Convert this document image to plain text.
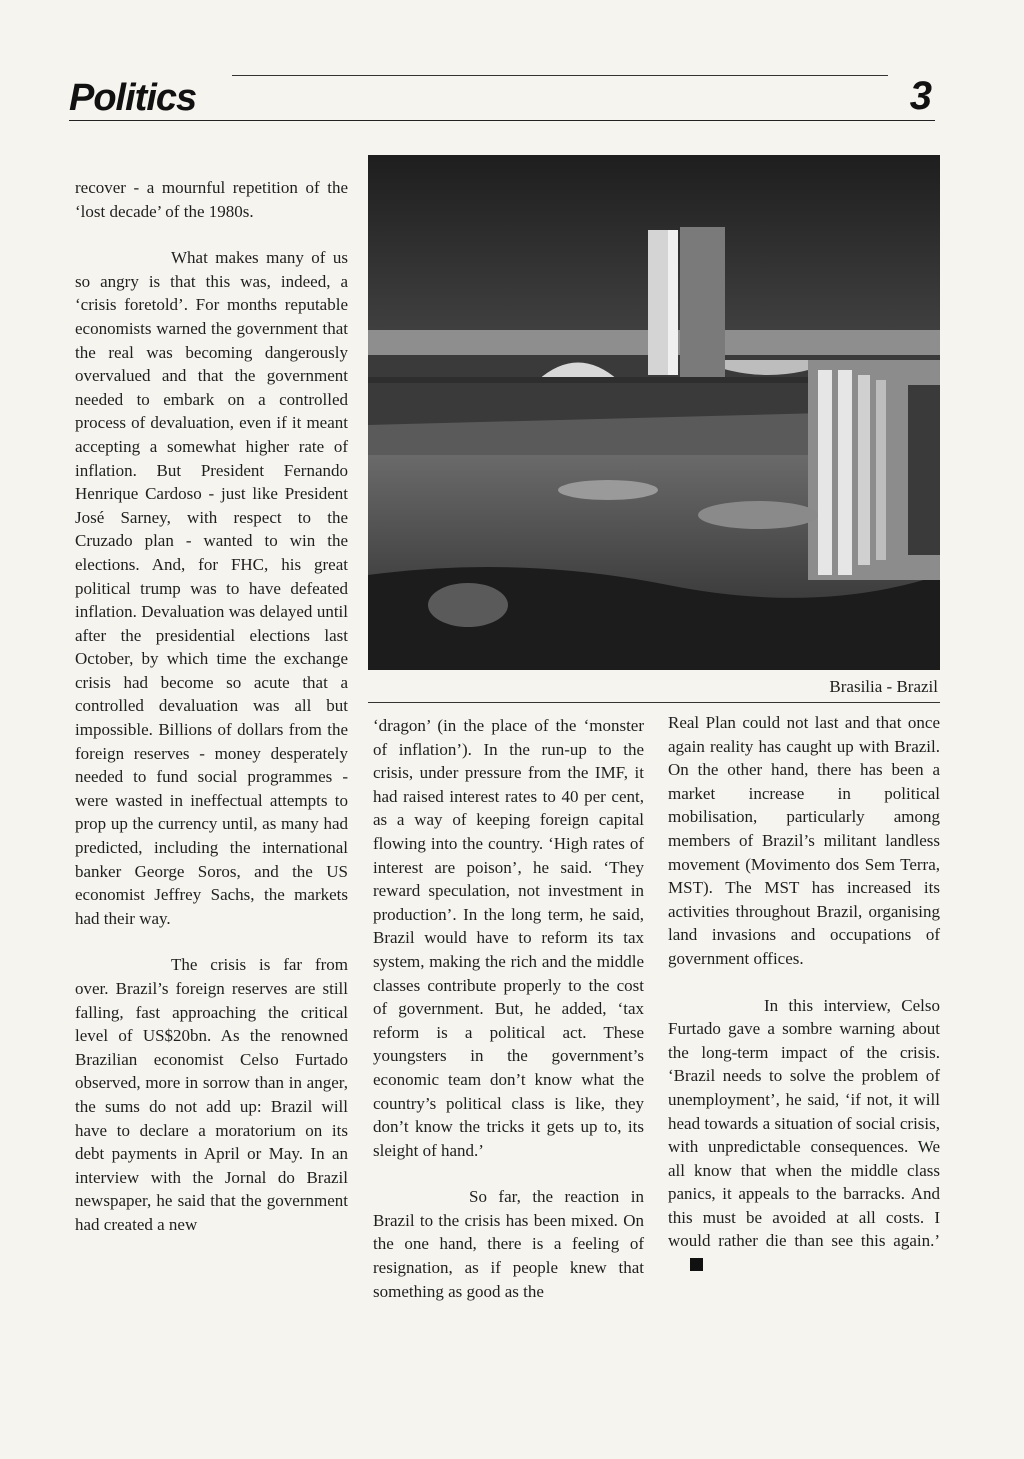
Politics	3

recover - a mournful repetition of the ‘lost decade’ of the 1980s.

What makes many of us so angry is that this was, indeed, a ‘crisis foretold’. For months reputable economists warned the government that the real was becoming dangerously overvalued and that the government needed to embark on a controlled process of devaluation, even if it meant accepting a somewhat higher rate of inflation. But President Fernando Henrique Cardoso - just like President José Sarney, with respect to the Cruzado plan - wanted to win the elections. And, for FHC, his great political trump was to have defeated inflation. Devaluation was delayed until after the presidential elections last October, by which time the exchange crisis had become so acute that a controlled devaluation was all but impossible. Billions of dollars from the foreign reserves - money desperately needed to fund social programmes - were wasted in ineffectual attempts to prop up the currency until, as many had predicted, including the international banker George Soros, and the US economist Jeffrey Sachs, the markets had their way.

The crisis is far from over. Brazil’s foreign reserves are still falling, fast approaching the critical level of US$20bn. As the renowned Brazilian economist Celso Furtado observed, more in sorrow than in anger, the sums do not add up: Brazil will have to declare a moratorium on its debt payments in April or May. In an interview with the Jornal do Brazil newspaper, he said that the government had created a new

Brasilia - Brazil

‘dragon’ (in the place of the ‘monster of inflation’). In the run-up to the crisis, under pressure from the IMF, it had raised interest rates to 40 per cent, as a way of keeping foreign capital flowing into the country. ‘High rates of interest are poison’, he said. ‘They reward speculation, not investment in production’. In the long term, he said, Brazil would have to reform its tax system, making the rich and the middle classes contribute properly to the cost of government. But, he added, ‘tax reform is a political act. These youngsters in the government’s economic team don’t know what the country’s political class is like, they don’t know the tricks it gets up to, its sleight of hand.’

So far, the reaction in Brazil to the crisis has been mixed. On the one hand, there is a feeling of resignation, as if people knew that something as good as the

Real Plan could not last and that once again reality has caught up with Brazil. On the other hand, there has been a market increase in political mobilisation, particularly among members of Brazil’s militant landless movement (Movimento dos Sem Terra, MST). The MST has increased its activities throughout Brazil, organising land invasions and occupations of government offices.

In this interview, Celso Furtado gave a sombre warning about the long-term impact of the crisis. ‘Brazil needs to solve the problem of unemployment’, he said, ‘if not, it will head towards a situation of social crisis, with unpredictable consequences. We all know that when the middle class panics, it appeals to the barracks. And this must be avoided at all costs. I would rather die than see this again.’
